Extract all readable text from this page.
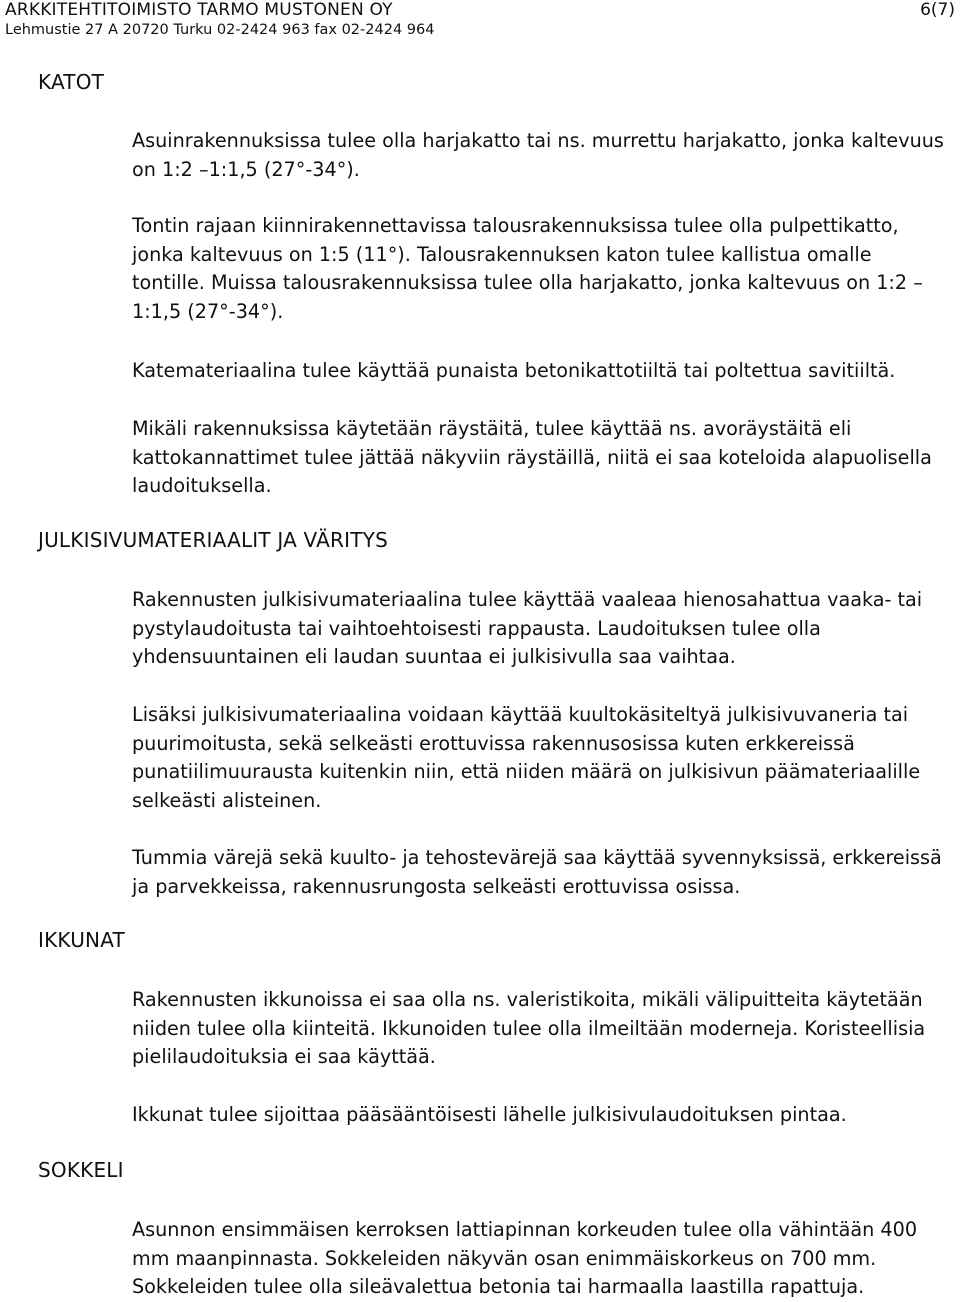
ARKKITEHTITOIMISTO TARMO MUSTONEN OY
Lehmustie 27 A 20720 Turku 02-2424 963 fax 02-2424 964
6(7)
KATOT

Asuinrakennuksissa tulee olla harjakatto tai ns. murrettu harjakatto, jonka kaltevuus on 1:2 –1:1,5 (27°-34°).

Tontin rajaan kiinnirakennettavissa talousrakennuksissa tulee olla pulpettikatto, jonka kaltevuus on 1:5 (11°). Talousrakennuksen katon tulee kallistua omalle tontille. Muissa talousrakennuksissa tulee olla harjakatto, jonka kaltevuus on 1:2 – 1:1,5 (27°-34°).

Katemateriaalina tulee käyttää punaista betonikattotiiltä tai poltettua savitiiltä.

Mikäli rakennuksissa käytetään räystäitä, tulee käyttää ns. avoräystäitä eli kattokannattimet tulee jättää näkyviin räystäillä, niitä ei saa koteloida alapuolisella laudoituksella.

JULKISIVUMATERIAALIT JA VÄRITYS

Rakennusten julkisivumateriaalina tulee käyttää vaaleaa hienosahattua vaaka- tai pystylaudoitusta tai vaihtoehtoisesti rappausta. Laudoituksen tulee olla yhdensuuntainen eli laudan suuntaa ei julkisivulla saa vaihtaa.

Lisäksi julkisivumateriaalina voidaan käyttää kuultokäsiteltyä julkisivuvaneria tai puurimoitusta, sekä selkeästi erottuvissa rakennusosissa kuten erkkereissä punatiilimuurausta kuitenkin niin, että niiden määrä on julkisivun päämateriaalille selkeästi alisteinen.

Tummia värejä sekä kuulto- ja tehostevärejä saa käyttää syvennyksissä, erkkereissä ja parvekkeissa, rakennusrungosta selkeästi erottuvissa osissa.

IKKUNAT

Rakennusten ikkunoissa ei saa olla ns. valeristikoita, mikäli välipuitteita käytetään niiden tulee olla kiinteitä. Ikkunoiden tulee olla ilmeiltään moderneja. Koristeellisia pielilaudoituksia ei saa käyttää.

Ikkunat tulee sijoittaa pääsääntöisesti lähelle julkisivulaudoituksen pintaa.

SOKKELI

Asunnon ensimmäisen kerroksen lattiapinnan korkeuden tulee olla vähintään 400 mm maanpinnasta. Sokkeleiden näkyvän osan enimmäiskorkeus on 700 mm. Sokkeleiden tulee olla sileävalettua betonia tai harmaalla laastilla rapattuja.
